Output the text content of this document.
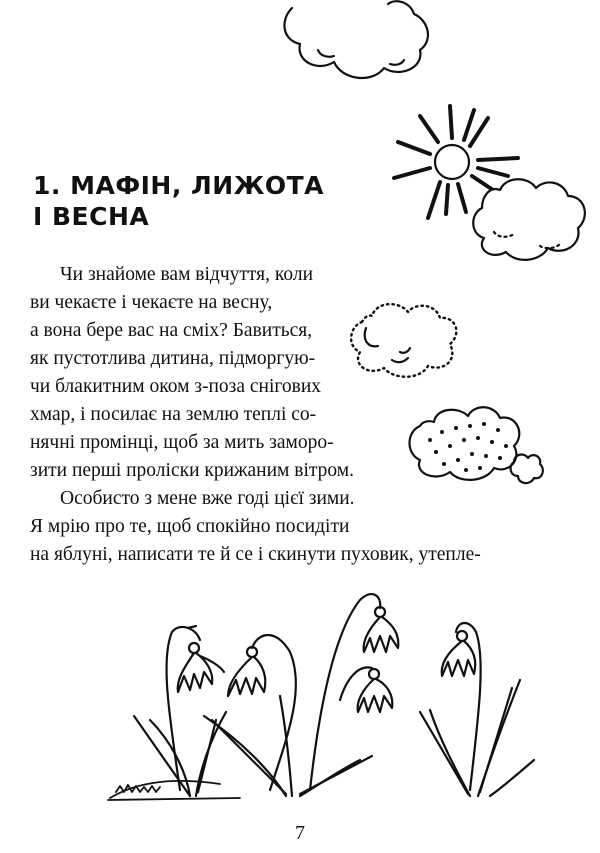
1. МАФІН, ЛИЖОТА
І ВЕСНА

Чи знайоме вам відчуття, коли

ви чекаєте і чекаєте на весну,

а вона бере вас на сміх? Бавиться,

як пустотлива дитина, підморгую-

чи блакитним оком з-поза снігових

хмар, і посилає на землю теплі со-

нячні промінці, щоб за мить заморо-

зити перші проліски крижаним вітром.

Особисто з мене вже годі цієї зими.

Я мрію про те, щоб спокійно посидіти

на яблуні, написати те й се і скинути пуховик, утепле-

7
